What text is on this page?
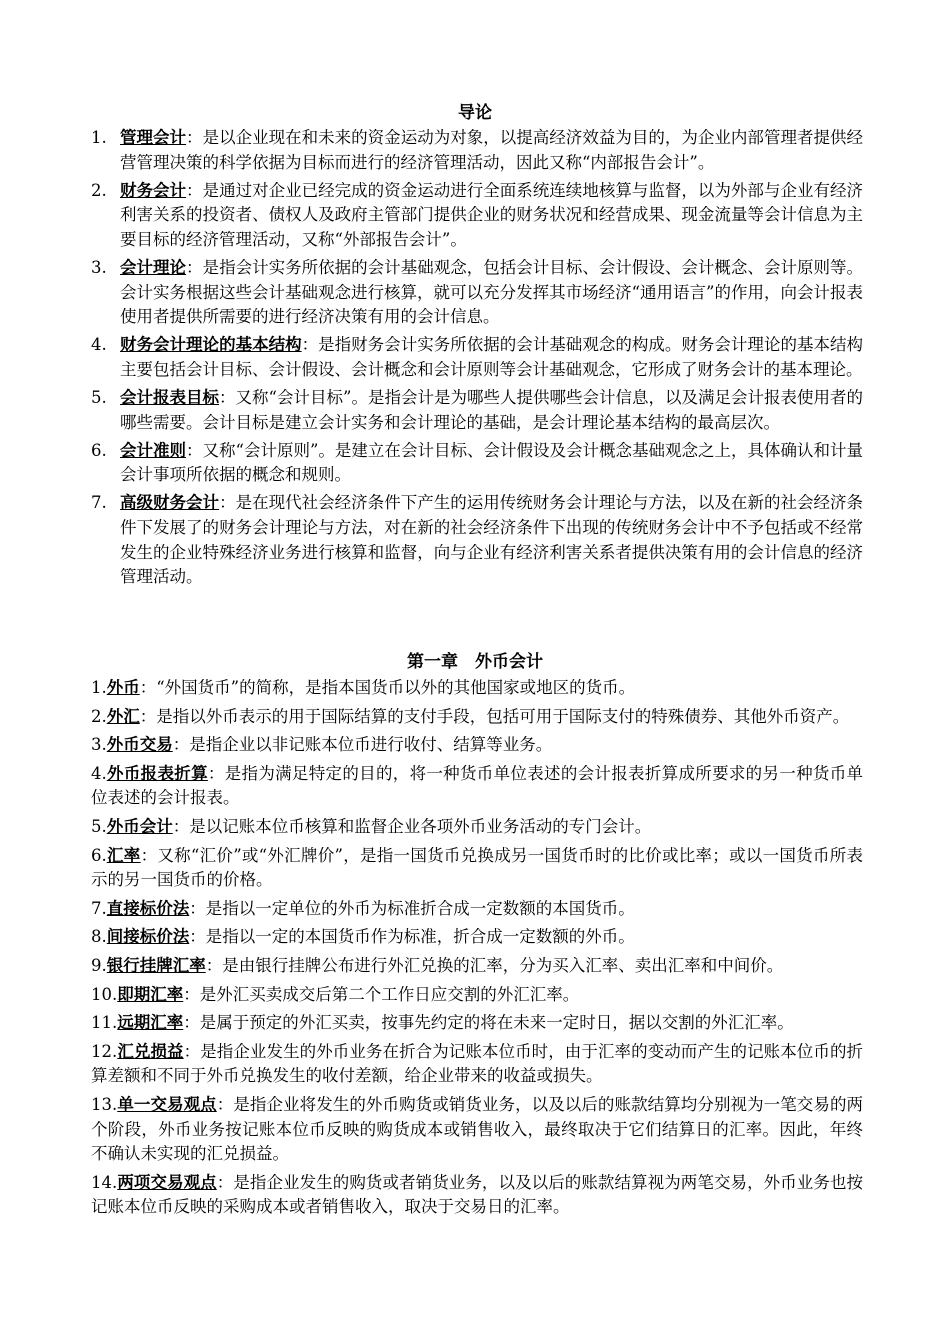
导论
1. 管理会计：是以企业现在和未来的资金运动为对象，以提高经济效益为目的，为企业内部管理者提供经营管理决策的科学依据为目标而进行的经济管理活动，因此又称“内部报告会计”。
2. 财务会计：是通过对企业已经完成的资金运动进行全面系统连续地核算与监督，以为外部与企业有经济利害关系的投资者、债权人及政府主管部门提供企业的财务状况和经营成果、现金流量等会计信息为主要目标的经济管理活动，又称“外部报告会计”。
3. 会计理论：是指会计实务所依据的会计基础观念，包括会计目标、会计假设、会计概念、会计原则等。会计实务根据这些会计基础观念进行核算，就可以充分发挥其市场经济“通用语言”的作用，向会计报表使用者提供所需要的进行经济决策有用的会计信息。
4. 财务会计理论的基本结构：是指财务会计实务所依据的会计基础观念的构成。财务会计理论的基本结构主要包括会计目标、会计假设、会计概念和会计原则等会计基础观念，它形成了财务会计的基本理论。
5. 会计报表目标：又称“会计目标”。是指会计是为哪些人提供哪些会计信息，以及满足会计报表使用者的哪些需要。会计目标是建立会计实务和会计理论的基础，是会计理论基本结构的最高层次。
6. 会计准则：又称“会计原则”。是建立在会计目标、会计假设及会计概念基础观念之上，具体确认和计量会计事项所依据的概念和规则。
7. 高级财务会计：是在现代社会经济条件下产生的运用传统财务会计理论与方法，以及在新的社会经济条件下发展了的财务会计理论与方法，对在新的社会经济条件下出现的传统财务会计中不予包括或不经常发生的企业特殊经济业务进行核算和监督，向与企业有经济利害关系者提供决策有用的会计信息的经济管理活动。
第一章　外币会计
1.外币：“外国货币”的简称，是指本国货币以外的其他国家或地区的货币。
2.外汇：是指以外币表示的用于国际结算的支付手段，包括可用于国际支付的特殊债券、其他外币资产。
3.外币交易：是指企业以非记账本位币进行收付、结算等业务。
4.外币报表折算：是指为满足特定的目的，将一种货币单位表述的会计报表折算成所要求的另一种货币单位表述的会计报表。
5.外币会计：是以记账本位币核算和监督企业各项外币业务活动的专门会计。
6.汇率：又称“汇价”或“外汇牌价”，是指一国货币兑换成另一国货币时的比价或比率；或以一国货币所表示的另一国货币的价格。
7.直接标价法：是指以一定单位的外币为标准折合成一定数额的本国货币。
8.间接标价法：是指以一定的本国货币作为标准，折合成一定数额的外币。
9.银行挂牌汇率：是由银行挂牌公布进行外汇兑换的汇率，分为买入汇率、卖出汇率和中间价。
10.即期汇率：是外汇买卖成交后第二个工作日应交割的外汇汇率。
11.远期汇率：是属于预定的外汇买卖，按事先约定的将在未来一定时日，据以交割的外汇汇率。
12.汇兑损益：是指企业发生的外币业务在折合为记账本位币时，由于汇率的变动而产生的记账本位币的折算差额和不同于外币兑换发生的收付差额，给企业带来的收益或损失。
13.单一交易观点：是指企业将发生的外币购货或销货业务，以及以后的账款结算均分别视为一笔交易的两个阶段，外币业务按记账本位币反映的购货成本或销售收入，最终取决于它们结算日的汇率。因此，年终不确认未实现的汇兑损益。
14.两项交易观点：是指企业发生的购货或者销货业务，以及以后的账款结算视为两笔交易，外币业务也按记账本位币反映的采购成本或者销售收入，取决于交易日的汇率。
